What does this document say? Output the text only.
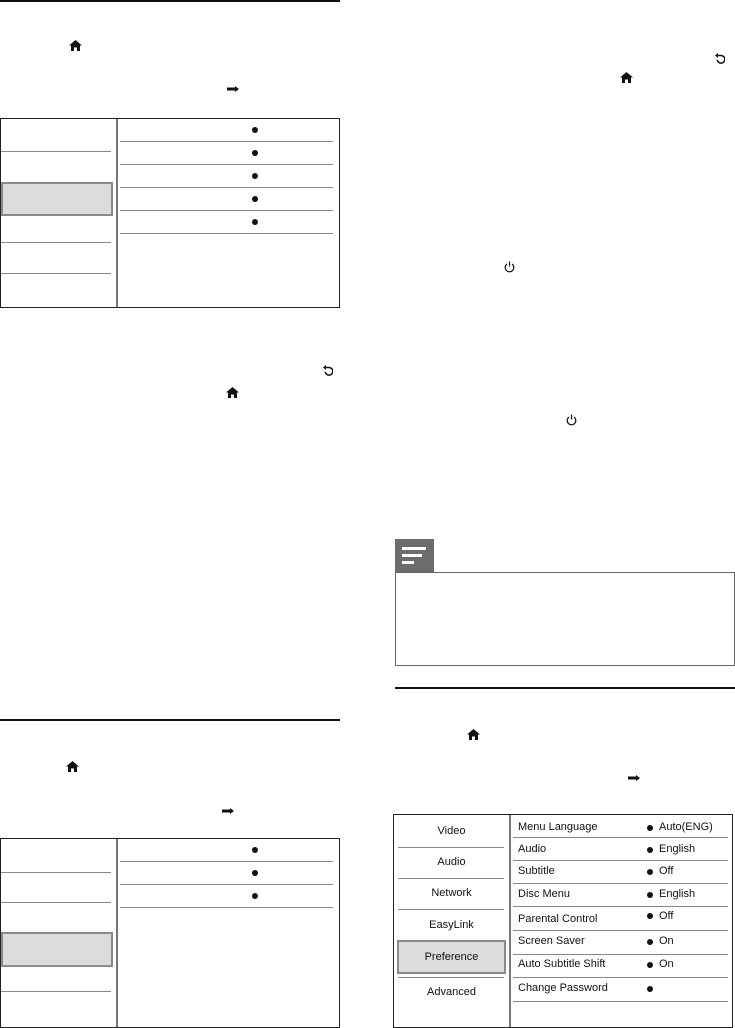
Video
Audio
Network
EasyLink
Preference
Advanced
Menu Language	Auto(ENG)
Audio	English
Subtitle	Off
Disc Menu	English
Parental Control	Off
Screen Saver	On
Auto Subtitle Shift	On
Change Password
